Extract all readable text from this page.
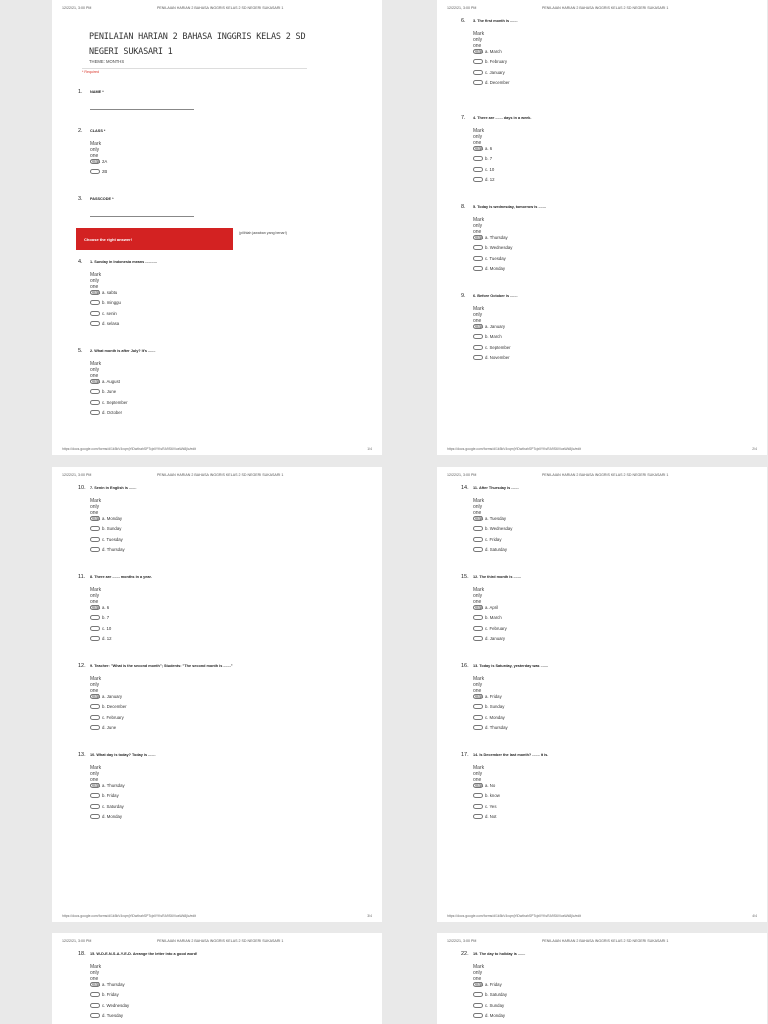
12/22/21, 3:00 PM	PENILAIAN HARIAN 2 BAHASA INGGRIS KELAS 2 SD NEGERI SUKASARI 1
PENILAIAN HARIAN 2 BAHASA INGGRIS KELAS 2 SD NEGERI SUKASARI 1
THEME: MONTHS
* Required
1. NAME *
2. CLASS *
Mark only one oval. 2A
2B
3. PASSCODE *
Choose the right answer!
(pilihlah jawaban yang benar!)
4. 1. Sunday in Indonesia means ...........
Mark only one oval. a. sabtu
b. minggu
c. senin
d. selasa
5. 2. What month is after July? It's .......
Mark only one oval. a. August
b. June
c. September
d. October
https://docs.google.com/forms/d/1k5kV4xqmjYiDwthahSPTcjxlIYKsRA9S6ViusWk8jIc/edit	1/4
12/22/21, 3:00 PM	PENILAIAN HARIAN 2 BAHASA INGGRIS KELAS 2 SD NEGERI SUKASARI 1
6. 3. The first month is .......
Mark only one oval. a. March
b. February
c. January
d. December
7. 4. There are ....... days in a week.
Mark only one oval. a. 6
b. 7
c. 10
d. 12
8. 5. Today is wednesday, tomorrow is .......
Mark only one oval. a. Thursday
b. Wednesday
c. Tuesday
d. Monday
9. 6. Before October is .......
Mark only one oval. a. January
b. March
c. September
d. November
https://docs.google.com/forms/d/1k5kV4xqmjYiDwthahSPTcjxlIYKsRA9S6ViusWk8jIc/edit	2/4
12/22/21, 3:00 PM	PENILAIAN HARIAN 2 BAHASA INGGRIS KELAS 2 SD NEGERI SUKASARI 1
10. 7. Senin in English is .......
Mark only one oval. a. Monday
b. Sunday
c. Tuesday
d. Thursday
11. 8. There are ....... months in a year.
Mark only one oval. a. 6
b. 7
c. 10
d. 12
12. 9. Teacher: "What is the second month"; Students: "The second month is ......."
Mark only one oval. a. January
b. December
c. February
d. June
13. 10. What day is today? Today is .......
Mark only one oval. a. Thursday
b. Friday
c. Saturday
d. Monday
https://docs.google.com/forms/d/1k5kV4xqmjYiDwthahSPTcjxlIYKsRA9S6ViusWk8jIc/edit	3/4
12/22/21, 3:00 PM	PENILAIAN HARIAN 2 BAHASA INGGRIS KELAS 2 SD NEGERI SUKASARI 1
14. 11. After Thursday is .......
Mark only one oval. a. Tuesday
b. Wednesday
c. Friday
d. Saturday
15. 12. The third month is .......
Mark only one oval. a. April
b. March
c. February
d. January
16. 13. Today is Saturday, yesterday was .......
Mark only one oval. a. Friday
b. Sunday
c. Monday
d. Thursday
17. 14. Is December the last month? ....... it is.
Mark only one oval. a. No
b. know
c. Yes
d. Not
https://docs.google.com/forms/d/1k5kV4xqmjYiDwthahSPTcjxlIYKsRA9S6ViusWk8jIc/edit	4/4
12/22/21, 3:00 PM	PENILAIAN HARIAN 2 BAHASA INGGRIS KELAS 2 SD NEGERI SUKASARI 1
18. 15. W-D-E-N-S-A-Y-E-D. Arrange the letter into a good word!
Mark only one oval. a. Thursday
b. Friday
c. Wednesday
d. Tuesday
12/22/21, 3:00 PM	PENILAIAN HARIAN 2 BAHASA INGGRIS KELAS 2 SD NEGERI SUKASARI 1
22. 19. The day to holiday is .......
Mark only one oval. a. Friday
b. Saturday
c. Sunday
d. Monday
